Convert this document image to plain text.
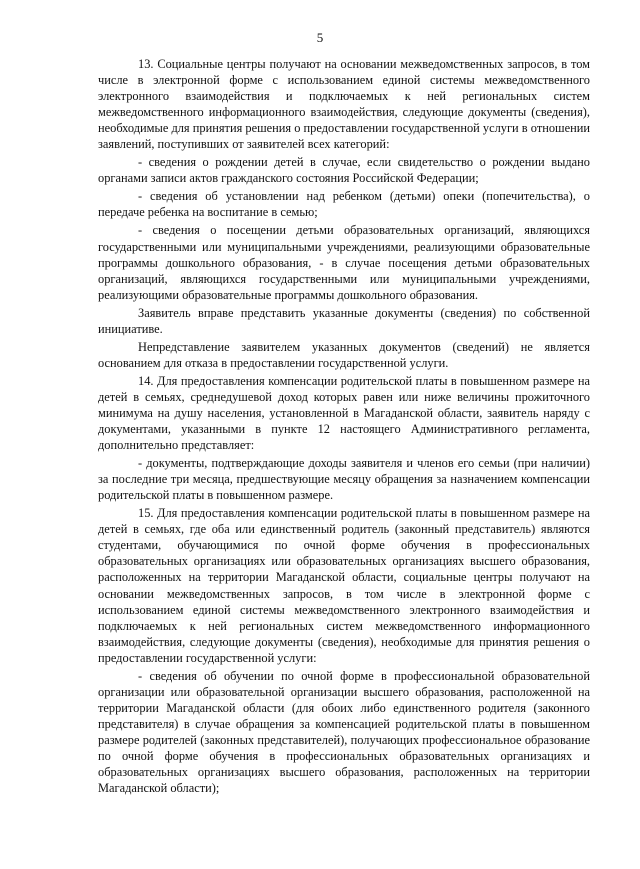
5

13. Социальные центры получают на основании межведомственных запросов, в том числе в электронной форме с использованием единой системы межведомственного электронного взаимодействия и подключаемых к ней региональных систем межведомственного информационного взаимодействия, следующие документы (сведения), необходимые для принятия решения о предоставлении государственной услуги в отношении заявлений, поступивших от заявителей всех категорий:

- сведения о рождении детей в случае, если свидетельство о рождении выдано органами записи актов гражданского состояния Российской Федерации;

- сведения об установлении над ребенком (детьми) опеки (попечительства), о передаче ребенка на воспитание в семью;

- сведения о посещении детьми образовательных организаций, являющихся государственными или муниципальными учреждениями, реализующими образовательные программы дошкольного образования, - в случае посещения детьми образовательных организаций, являющихся государственными или муниципальными учреждениями, реализующими образовательные программы дошкольного образования.

Заявитель вправе представить указанные документы (сведения) по собственной инициативе.

Непредставление заявителем указанных документов (сведений) не является основанием для отказа в предоставлении государственной услуги.

14. Для предоставления компенсации родительской платы в повышенном размере на детей в семьях, среднедушевой доход которых равен или ниже величины прожиточного минимума на душу населения, установленной в Магаданской области, заявитель наряду с документами, указанными в пункте 12 настоящего Административного регламента, дополнительно представляет:

- документы, подтверждающие доходы заявителя и членов его семьи (при наличии) за последние три месяца, предшествующие месяцу обращения за назначением компенсации родительской платы в повышенном размере.

15. Для предоставления компенсации родительской платы в повышенном размере на детей в семьях, где оба или единственный родитель (законный представитель) являются студентами, обучающимися по очной форме обучения в профессиональных образовательных организациях или образовательных организациях высшего образования, расположенных на территории Магаданской области, социальные центры получают на основании межведомственных запросов, в том числе в электронной форме с использованием единой системы межведомственного электронного взаимодействия и подключаемых к ней региональных систем межведомственного информационного взаимодействия, следующие документы (сведения), необходимые для принятия решения о предоставлении государственной услуги:

- сведения об обучении по очной форме в профессиональной образовательной организации или образовательной организации высшего образования, расположенной на территории Магаданской области (для обоих либо единственного родителя (законного представителя) в случае обращения за компенсацией родительской платы в повышенном размере родителей (законных представителей), получающих профессиональное образование по очной форме обучения в профессиональных образовательных организациях и образовательных организациях высшего образования, расположенных на территории Магаданской области);
